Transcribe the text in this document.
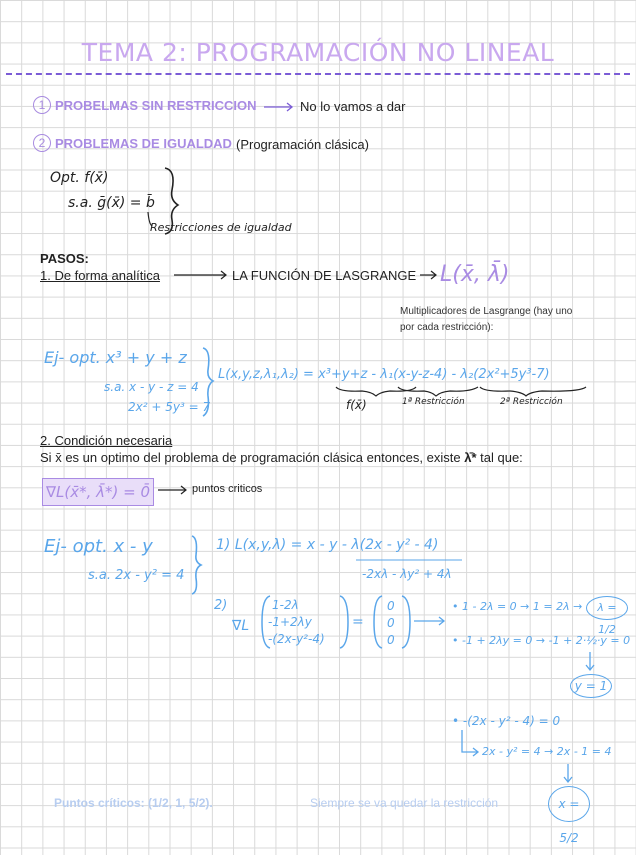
TEMA 2: PROGRAMACIÓN NO LINEAL
1 PROBELMAS SIN RESTRICCION	No lo vamos a dar
2 PROBLEMAS DE IGUALDAD (Programación clásica)
Opt. f(x̄)
s.a. ḡ(x̄) = b̄
Restricciones de igualdad
PASOS:
1. De forma analítica	LA FUNCIÓN DE LASGRANGE L(x̄, λ̄)
Multiplicadores de Lasgrange (hay uno por cada restricción):
Ej- opt. x³ + y + z
s.a. x - y - z = 4
2x² + 5y³ = 7
L(x,y,z,λ₁,λ₂) = x³+y+z - λ₁(x-y-z-4) - λ₂(2x²+5y³-7)
f(x̄)	1ª Restricción	2ª Restricción
2. Condición necesaria
Si x̄ es un optimo del problema de programación clásica entonces, existe λ̄* tal que:
∇L(x̄*, λ̄*) = 0̄	puntos criticos
Ej- opt. x - y
s.a. 2x - y² = 4
1) L(x,y,λ) = x - y - λ(2x - y² - 4)
-2xλ - λy² + 4λ
2)
∇L
1-2λ
-1+2λy
-(2x-y²-4)
=
0
0
0
• 1 - 2λ = 0 → 1 = 2λ →	λ = 1/2
• -1 + 2λy = 0 → -1 + 2·½·y = 0
y = 1
• -(2x - y² - 4) = 0
2x - y² = 4 → 2x - 1 = 4
x = 5/2
Puntos críticos: (1/2, 1, 5/2).	Siempre se va quedar la restricción
